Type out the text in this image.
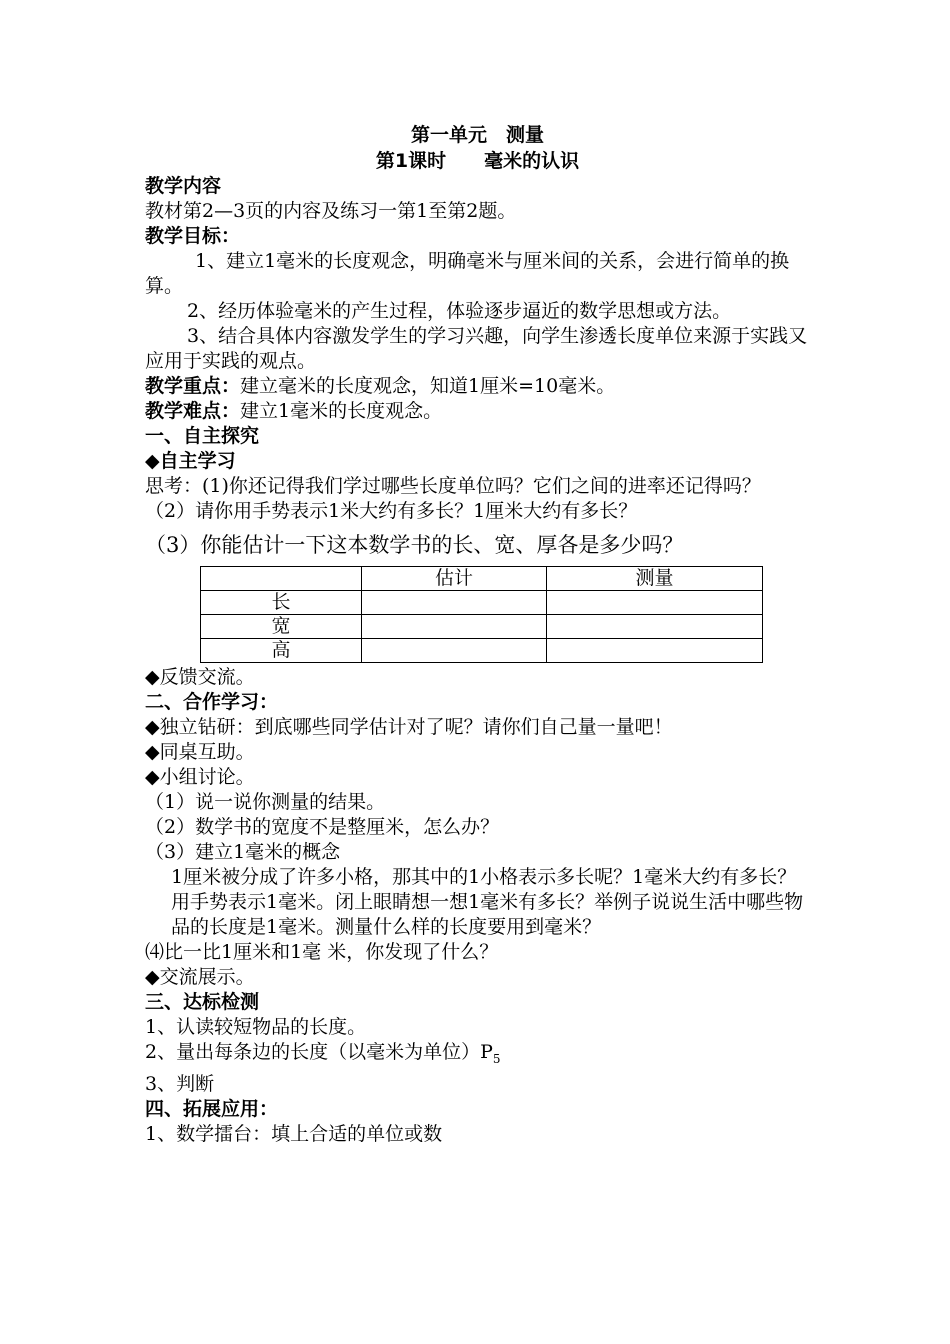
第一单元　测量
第1课时　　毫米的认识
教学内容
教材第2—3页的内容及练习一第1至第2题。
教学目标：
1、建立1毫米的长度观念，明确毫米与厘米间的关系，会进行简单的换算。
2、经历体验毫米的产生过程，体验逐步逼近的数学思想或方法。
3、结合具体内容激发学生的学习兴趣，向学生渗透长度单位来源于实践又应用于实践的观点。
教学重点：建立毫米的长度观念，知道1厘米=10毫米。
教学难点：建立1毫米的长度观念。
一、自主探究
◆自主学习
思考：(1)你还记得我们学过哪些长度单位吗？它们之间的进率还记得吗？
（2）请你用手势表示1米大约有多长？1厘米大约有多长？
（3）你能估计一下这本数学书的长、宽、厚各是多少吗？
	估计	测量
长		
宽		
高		
◆反馈交流。
二、合作学习：
◆独立钻研：到底哪些同学估计对了呢？请你们自己量一量吧！
◆同桌互助。
◆小组讨论。
（1）说一说你测量的结果。
（2）数学书的宽度不是整厘米，怎么办？
（3）建立1毫米的概念
1厘米被分成了许多小格，那其中的1小格表示多长呢？1毫米大约有多长？用手势表示1毫米。闭上眼睛想一想1毫米有多长？举例子说说生活中哪些物品的长度是1毫米。测量什么样的长度要用到毫米？
⑷比一比1厘米和1毫 米，你发现了什么？
◆交流展示。
三、达标检测
1、认读较短物品的长度。
2、量出每条边的长度（以毫米为单位）$P_5$
3、判断
四、拓展应用：
1、数学擂台：填上合适的单位或数
